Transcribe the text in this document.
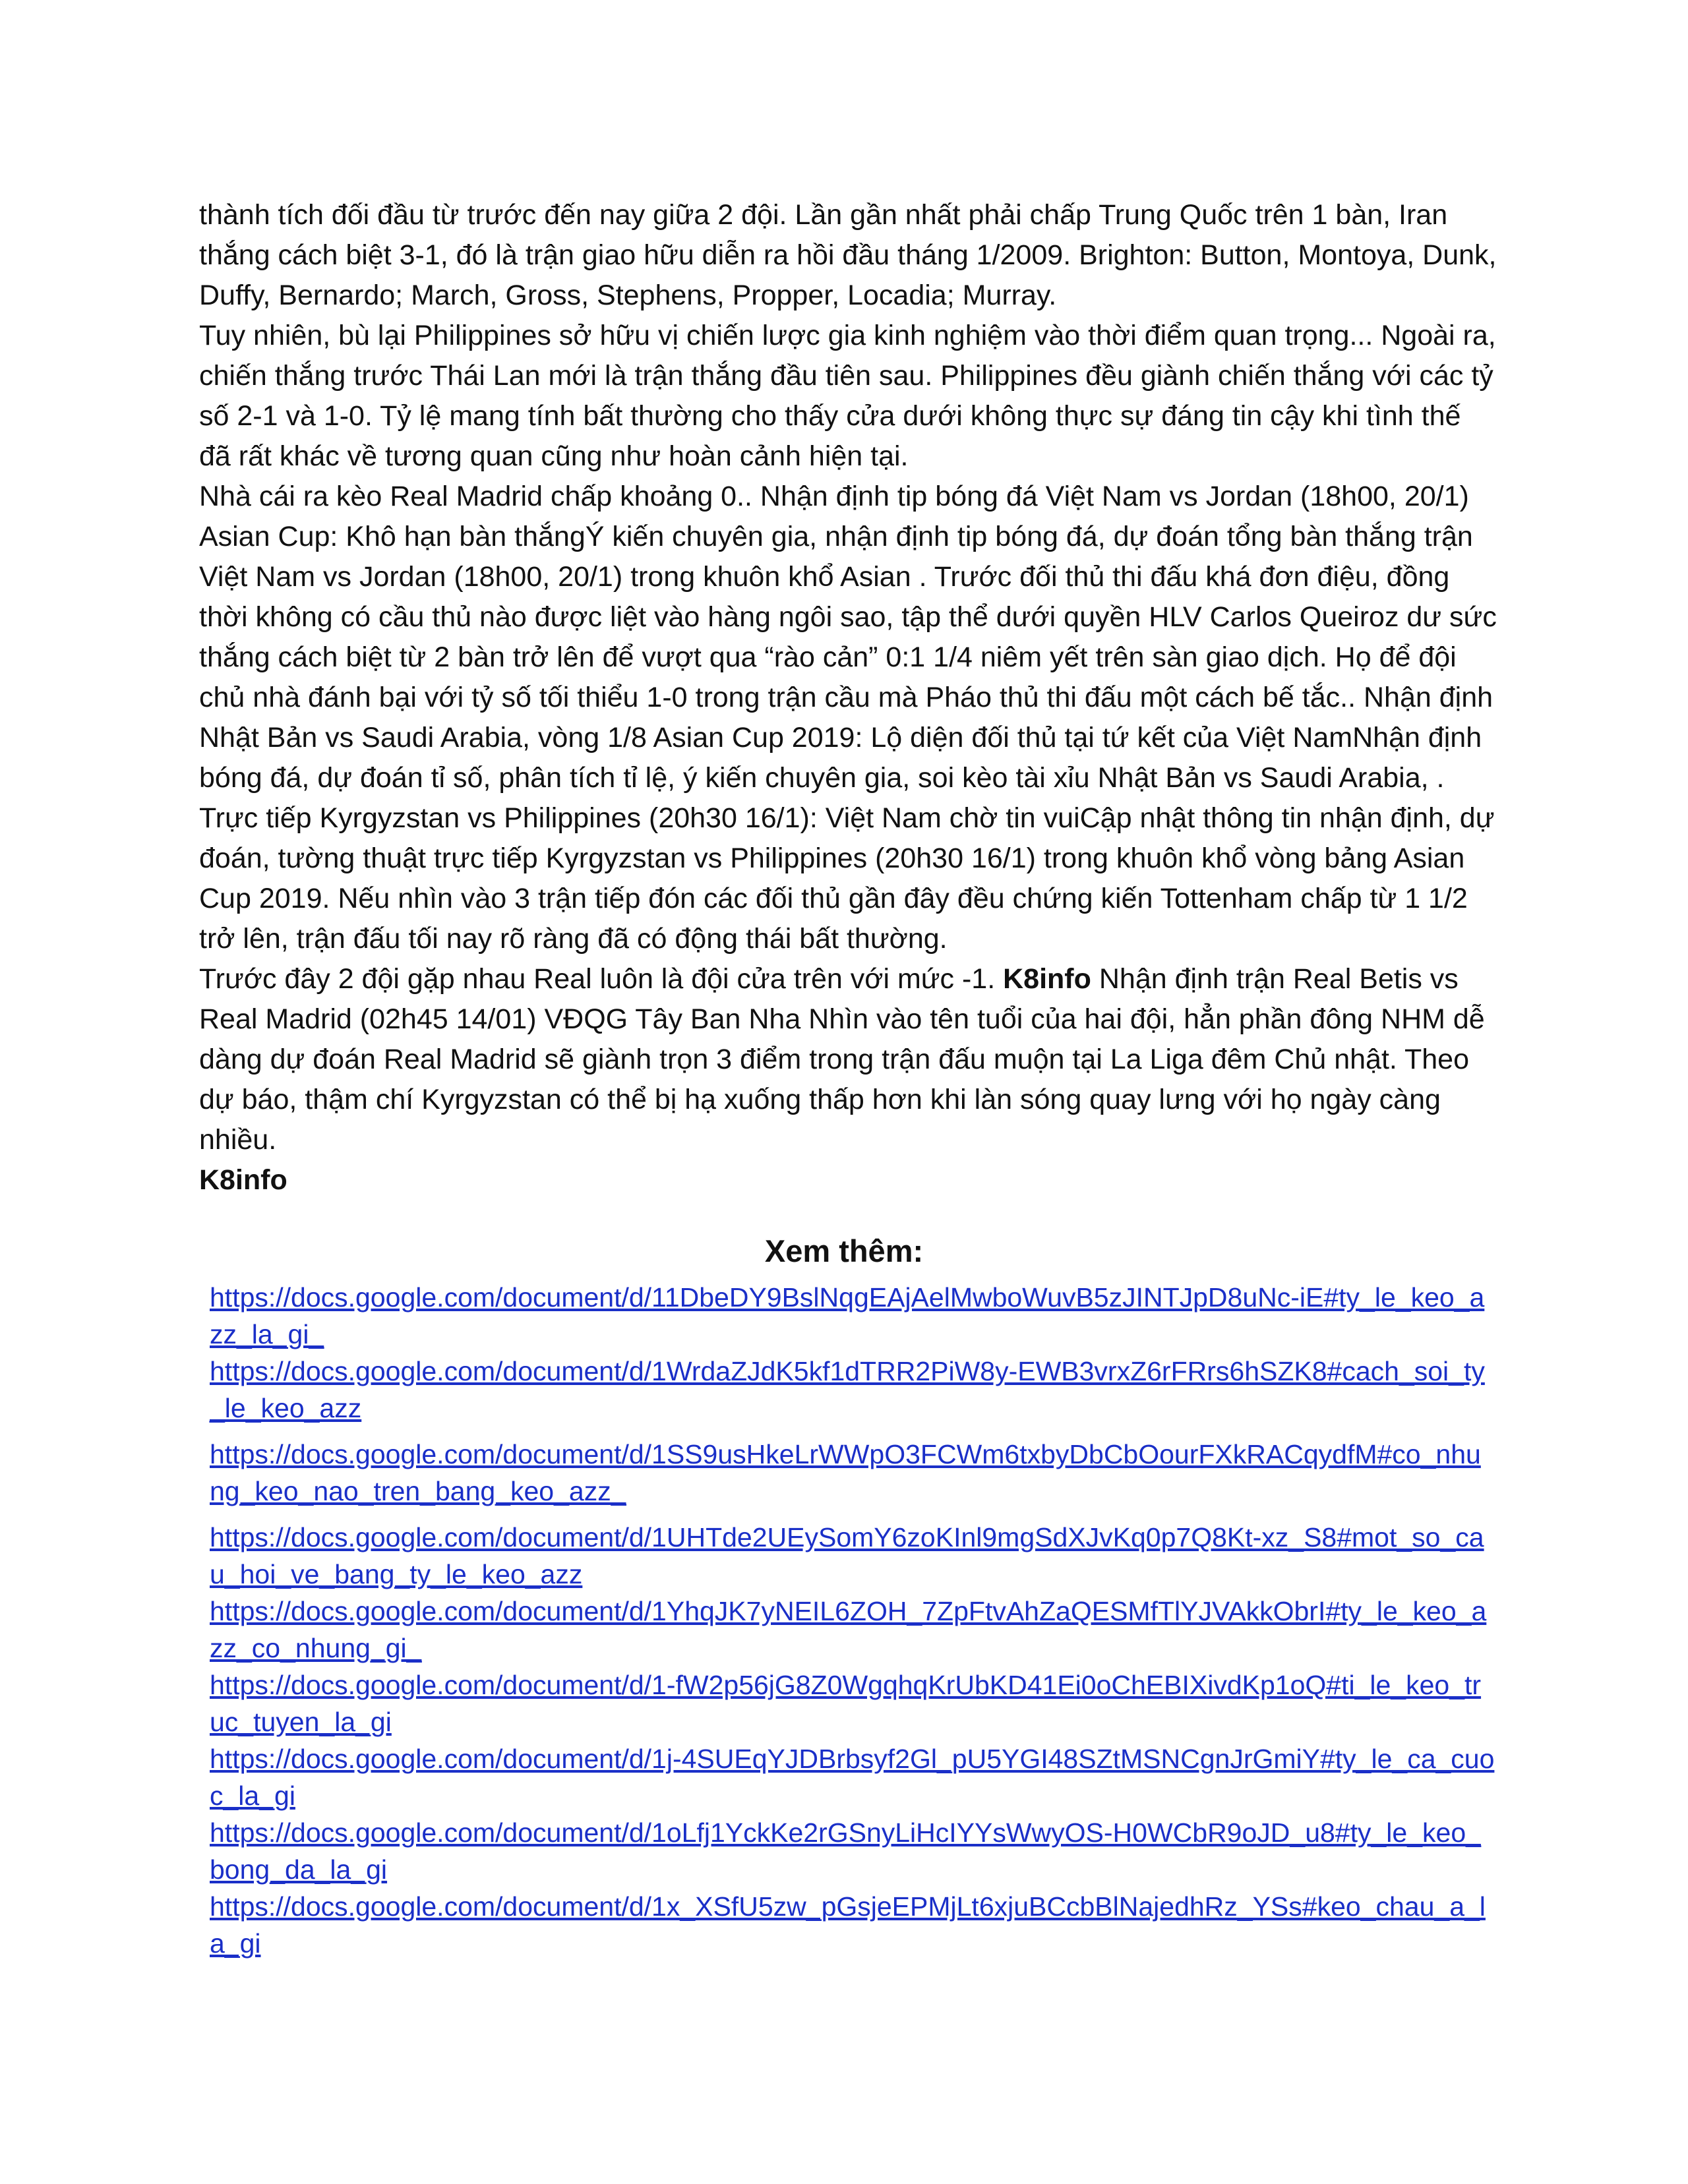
thành tích đối đầu từ trước đến nay giữa 2 đội. Lần gần nhất phải chấp Trung Quốc trên 1 bàn, Iran thắng cách biệt 3-1, đó là trận giao hữu diễn ra hồi đầu tháng 1/2009. Brighton: Button, Montoya, Dunk, Duffy, Bernardo; March, Gross, Stephens, Propper, Locadia; Murray.

Tuy nhiên, bù lại Philippines sở hữu vị chiến lược gia kinh nghiệm vào thời điểm quan trọng... Ngoài ra, chiến thắng trước Thái Lan mới là trận thắng đầu tiên sau. Philippines đều giành chiến thắng với các tỷ số 2-1 và 1-0. Tỷ lệ mang tính bất thường cho thấy cửa dưới không thực sự đáng tin cậy khi tình thế đã rất khác về tương quan cũng như hoàn cảnh hiện tại.

Nhà cái ra kèo Real Madrid chấp khoảng 0.. Nhận định tip bóng đá Việt Nam vs Jordan (18h00, 20/1) Asian Cup: Khô hạn bàn thắngÝ kiến chuyên gia, nhận định tip bóng đá, dự đoán tổng bàn thắng trận Việt Nam vs Jordan (18h00, 20/1) trong khuôn khổ Asian . Trước đối thủ thi đấu khá đơn điệu, đồng thời không có cầu thủ nào được liệt vào hàng ngôi sao, tập thể dưới quyền HLV Carlos Queiroz dư sức thắng cách biệt từ 2 bàn trở lên để vượt qua “rào cản” 0:1 1/4 niêm yết trên sàn giao dịch. Họ để đội chủ nhà đánh bại với tỷ số tối thiểu 1-0 trong trận cầu mà Pháo thủ thi đấu một cách bế tắc.. Nhận định Nhật Bản vs Saudi Arabia, vòng 1/8 Asian Cup 2019: Lộ diện đối thủ tại tứ kết của Việt NamNhận định bóng đá, dự đoán tỉ số, phân tích tỉ lệ, ý kiến chuyên gia, soi kèo tài xỉu Nhật Bản vs Saudi Arabia, . Trực tiếp Kyrgyzstan vs Philippines (20h30 16/1): Việt Nam chờ tin vuiCập nhật thông tin nhận định, dự đoán, tường thuật trực tiếp Kyrgyzstan vs Philippines (20h30 16/1) trong khuôn khổ vòng bảng Asian Cup 2019. Nếu nhìn vào 3 trận tiếp đón các đối thủ gần đây đều chứng kiến Tottenham chấp từ 1 1/2 trở lên, trận đấu tối nay rõ ràng đã có động thái bất thường.

Trước đây 2 đội gặp nhau Real luôn là đội cửa trên với mức -1. K8info Nhận định trận Real Betis vs Real Madrid (02h45 14/01) VĐQG Tây Ban Nha Nhìn vào tên tuổi của hai đội, hẳn phần đông NHM dễ dàng dự đoán Real Madrid sẽ giành trọn 3 điểm trong trận đấu muộn tại La Liga đêm Chủ nhật. Theo dự báo, thậm chí Kyrgyzstan có thể bị hạ xuống thấp hơn khi làn sóng quay lưng với họ ngày càng nhiều.

K8info

Xem thêm:
https://docs.google.com/document/d/11DbeDY9BslNqgEAjAelMwboWuvB5zJINTJpD8uNc-iE#ty_le_keo_azz_la_gi_
https://docs.google.com/document/d/1WrdaZJdK5kf1dTRR2PiW8y-EWB3vrxZ6rFRrs6hSZK8#cach_soi_ty_le_keo_azz
https://docs.google.com/document/d/1SS9usHkeLrWWpO3FCWm6txbyDbCbOourFXkRACqydfM#co_nhung_keo_nao_tren_bang_keo_azz_
https://docs.google.com/document/d/1UHTde2UEySomY6zoKInl9mgSdXJvKq0p7Q8Kt-xz_S8#mot_so_cau_hoi_ve_bang_ty_le_keo_azz
https://docs.google.com/document/d/1YhqJK7yNEIL6ZOH_7ZpFtvAhZaQESMfTlYJVAkkObrI#ty_le_keo_azz_co_nhung_gi_
https://docs.google.com/document/d/1-fW2p56jG8Z0WgqhqKrUbKD41Ei0oChEBIXivdKp1oQ#ti_le_keo_truc_tuyen_la_gi
https://docs.google.com/document/d/1j-4SUEqYJDBrbsyf2Gl_pU5YGI48SZtMSNCgnJrGmiY#ty_le_ca_cuoc_la_gi
https://docs.google.com/document/d/1oLfj1YckKe2rGSnyLiHcIYYsWwyOS-H0WCbR9oJD_u8#ty_le_keo_bong_da_la_gi
https://docs.google.com/document/d/1x_XSfU5zw_pGsjeEPMjLt6xjuBCcbBlNajedhRz_YSs#keo_chau_a_la_gi
